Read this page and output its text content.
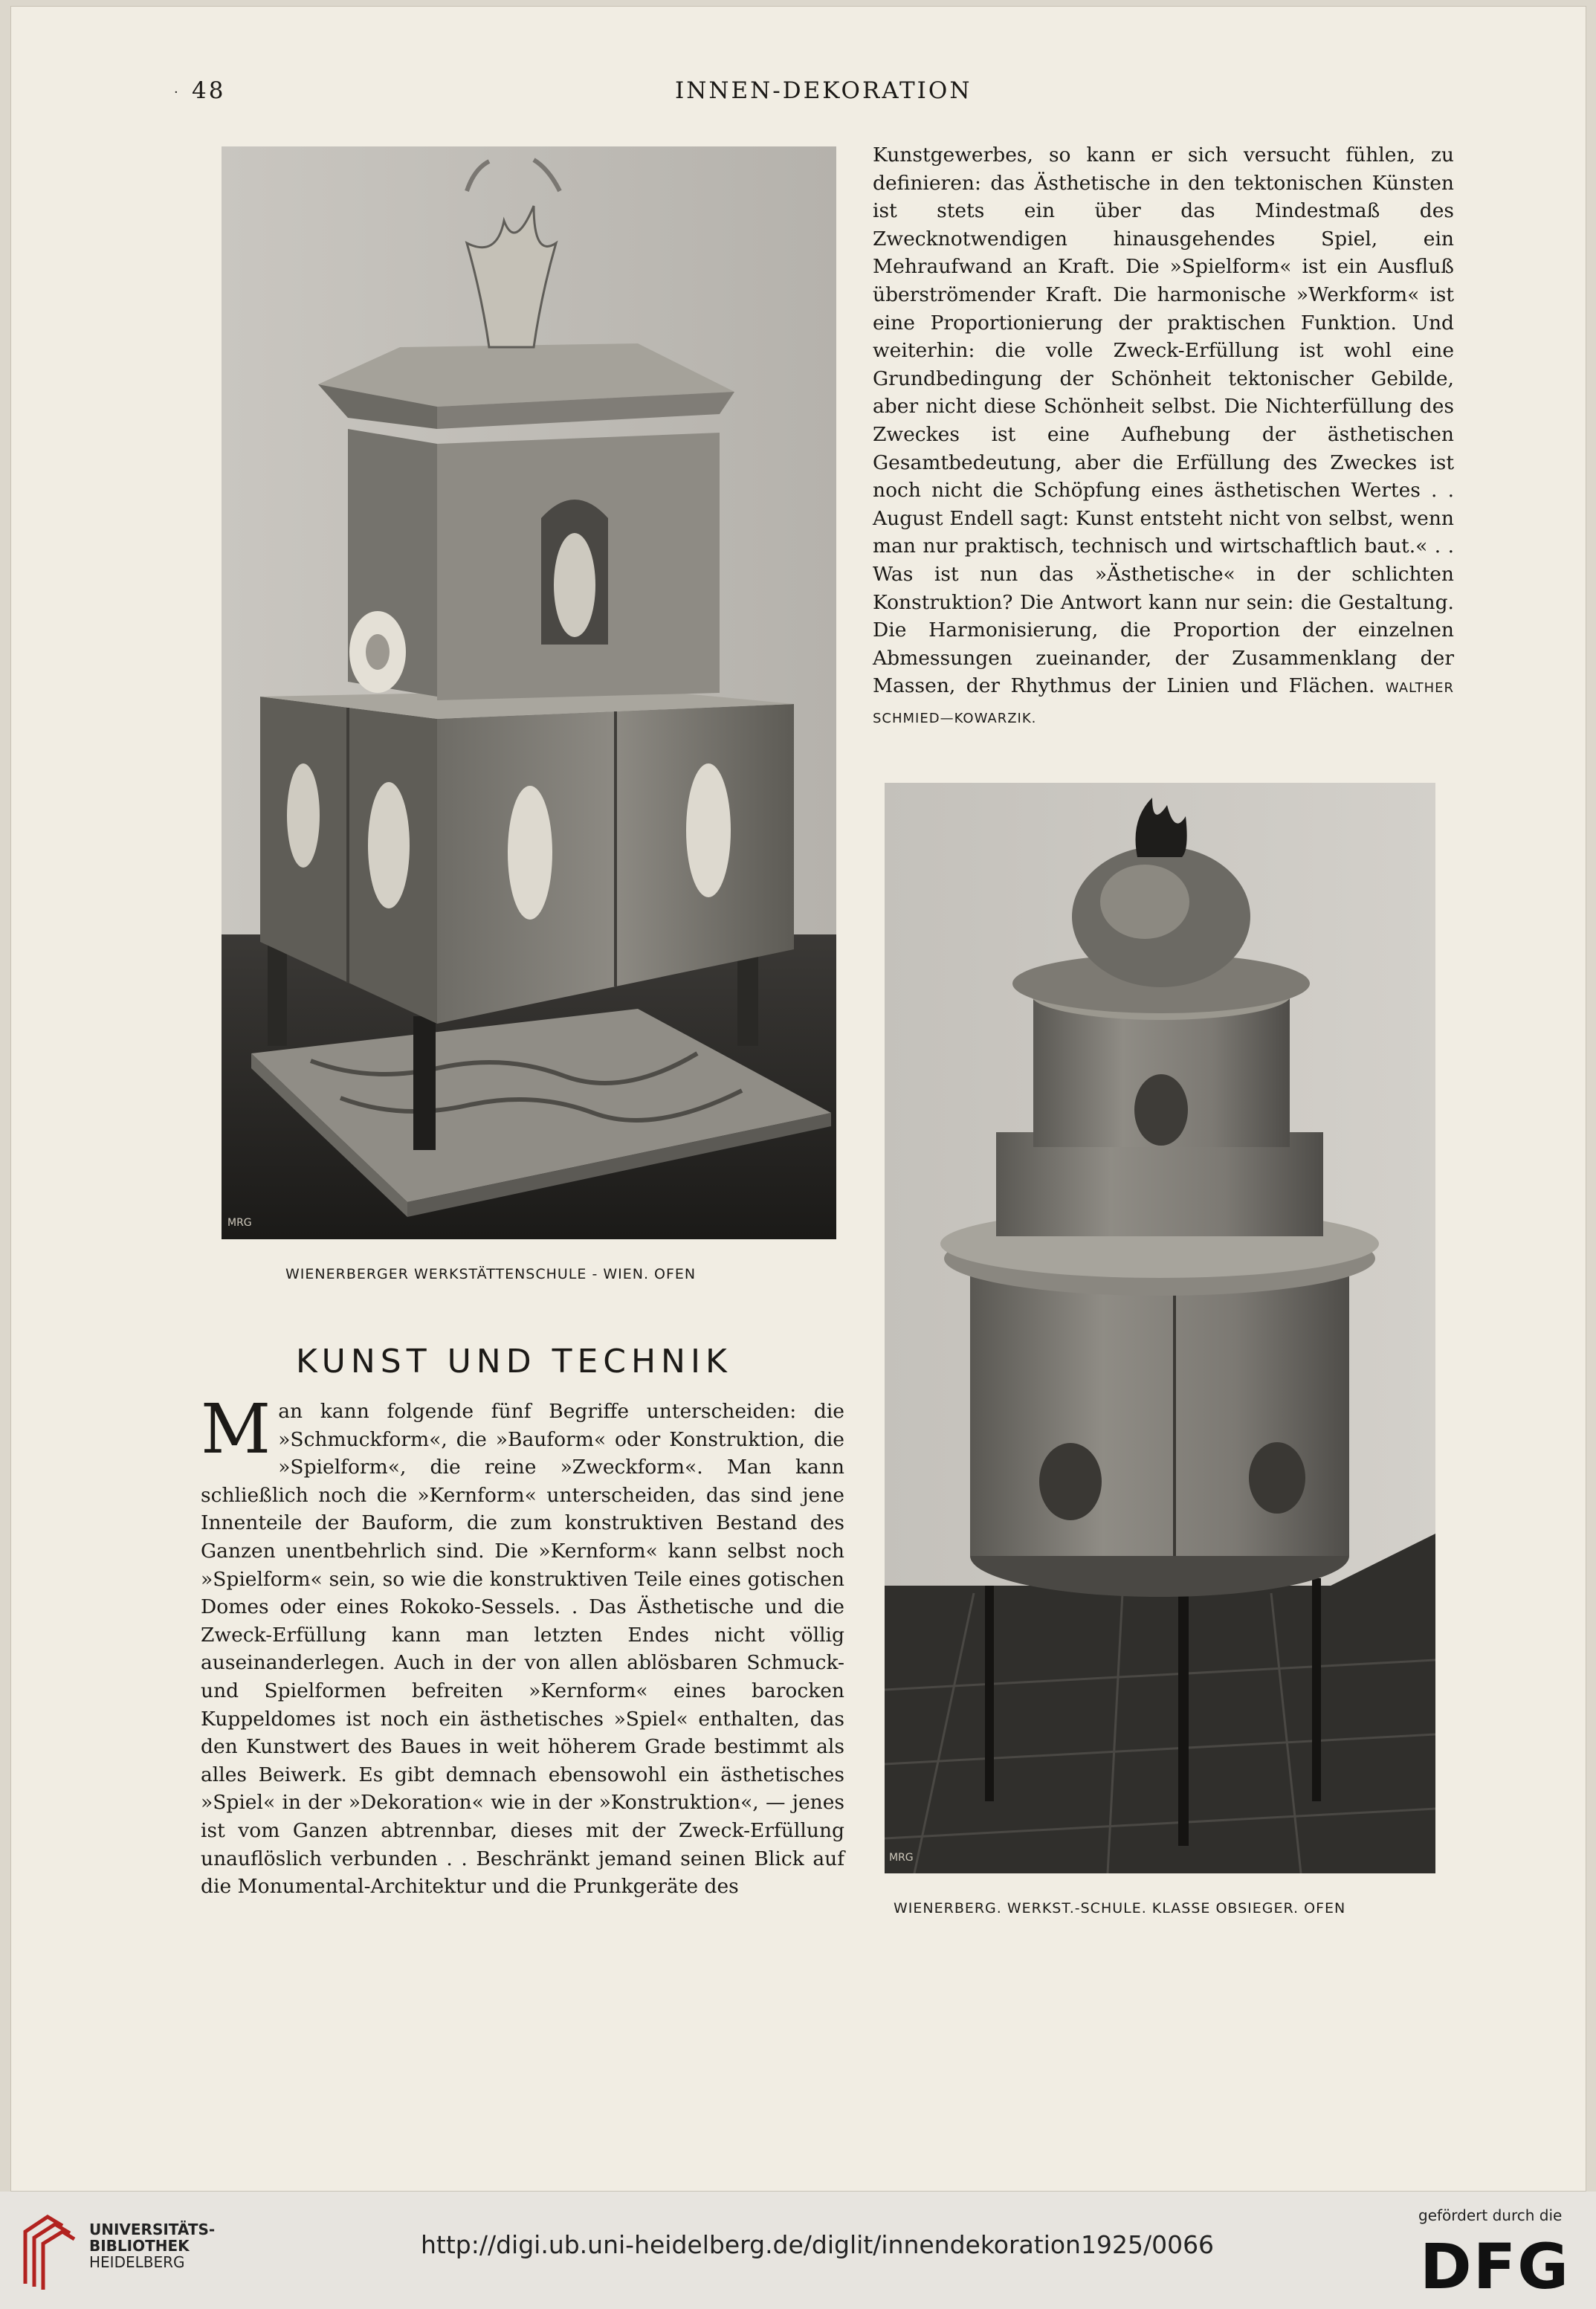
· 48	INNEN-DEKORATION
MRG
WIENERBERGER WERKSTÄTTENSCHULE - WIEN. OFEN

Kunstgewerbes, so kann er sich versucht fühlen, zu definieren: das Ästhetische in den tektonischen Künsten ist stets ein über das Mindestmaß des Zwecknotwendigen hinausgehendes Spiel, ein Mehraufwand an Kraft. Die »Spielform« ist ein Ausfluß überströmender Kraft. Die harmonische »Werkform« ist eine Proportionierung der praktischen Funktion. Und weiterhin: die volle Zweck-Erfüllung ist wohl eine Grundbedingung der Schönheit tektonischer Gebilde, aber nicht diese Schönheit selbst. Die Nichterfüllung des Zweckes ist eine Aufhebung der ästhetischen Gesamtbedeutung, aber die Erfüllung des Zweckes ist noch nicht die Schöpfung eines ästhetischen Wertes . . August Endell sagt: Kunst entsteht nicht von selbst, wenn man nur praktisch, technisch und wirtschaftlich baut.« . . Was ist nun das »Ästhetische« in der schlichten Konstruktion? Die Antwort kann nur sein: die Gestaltung. Die Harmonisierung, die Proportion der einzelnen Abmessungen zueinander, der Zusammenklang der Massen, der Rhythmus der Linien und Flächen. WALTHER SCHMIED—KOWARZIK.

MRG
WIENERBERG. WERKST.-SCHULE. KLASSE OBSIEGER. OFEN
KUNST UND TECHNIK

Man kann folgende fünf Begriffe unterscheiden: die »Schmuckform«, die »Bauform« oder Konstruktion, die »Spielform«, die reine »Zweckform«. Man kann schließlich noch die »Kernform« unterscheiden, das sind jene Innenteile der Bauform, die zum konstruktiven Bestand des Ganzen unentbehrlich sind. Die »Kernform« kann selbst noch »Spielform« sein, so wie die konstruktiven Teile eines gotischen Domes oder eines Rokoko-Sessels. . Das Ästhetische und die Zweck-Erfüllung kann man letzten Endes nicht völlig auseinanderlegen. Auch in der von allen ablösbaren Schmuck- und Spielformen befreiten »Kernform« eines barocken Kuppeldomes ist noch ein ästhetisches »Spiel« enthalten, das den Kunstwert des Baues in weit höherem Grade bestimmt als alles Beiwerk. Es gibt demnach ebensowohl ein ästhetisches »Spiel« in der »Dekoration« wie in der »Konstruktion«, — jenes ist vom Ganzen abtrennbar, dieses mit der Zweck-Erfüllung unauflöslich verbunden . . Beschränkt jemand seinen Blick auf die Monumental-Architektur und die Prunkgeräte des

UNIVERSITÄTS-
BIBLIOTHEK
HEIDELBERG
http://digi.ub.uni-heidelberg.de/diglit/innendekoration1925/0066
gefördert durch die
DFG
